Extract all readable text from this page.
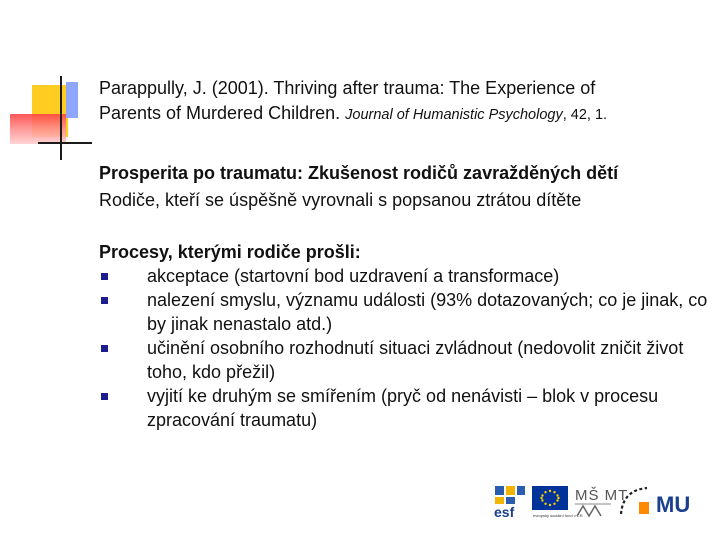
Parappully, J. (2001). Thriving after trauma: The Experience of
Parents of Murdered Children. Journal of Humanistic Psychology, 42, 1.
Prosperita po traumatu: Zkušenost rodičů zavražděných dětí
Rodiče, kteří se úspěšně vyrovnali s popsanou ztrátou dítěte
Procesy, kterými rodiče prošli:
akceptace (startovní bod uzdravení a transformace)
nalezení smyslu, významu události (93% dotazovaných; co je jinak, co by jinak nenastalo atd.)
učinění osobního rozhodnutí situaci zvládnout (nedovolit zničit život toho, kdo přežil)
vyjití ke druhým se smířením (pryč od nenávisti – blok v procesu zpracování traumatu)
esf	evropský sociální fond v ČR
MŠ MT MU
